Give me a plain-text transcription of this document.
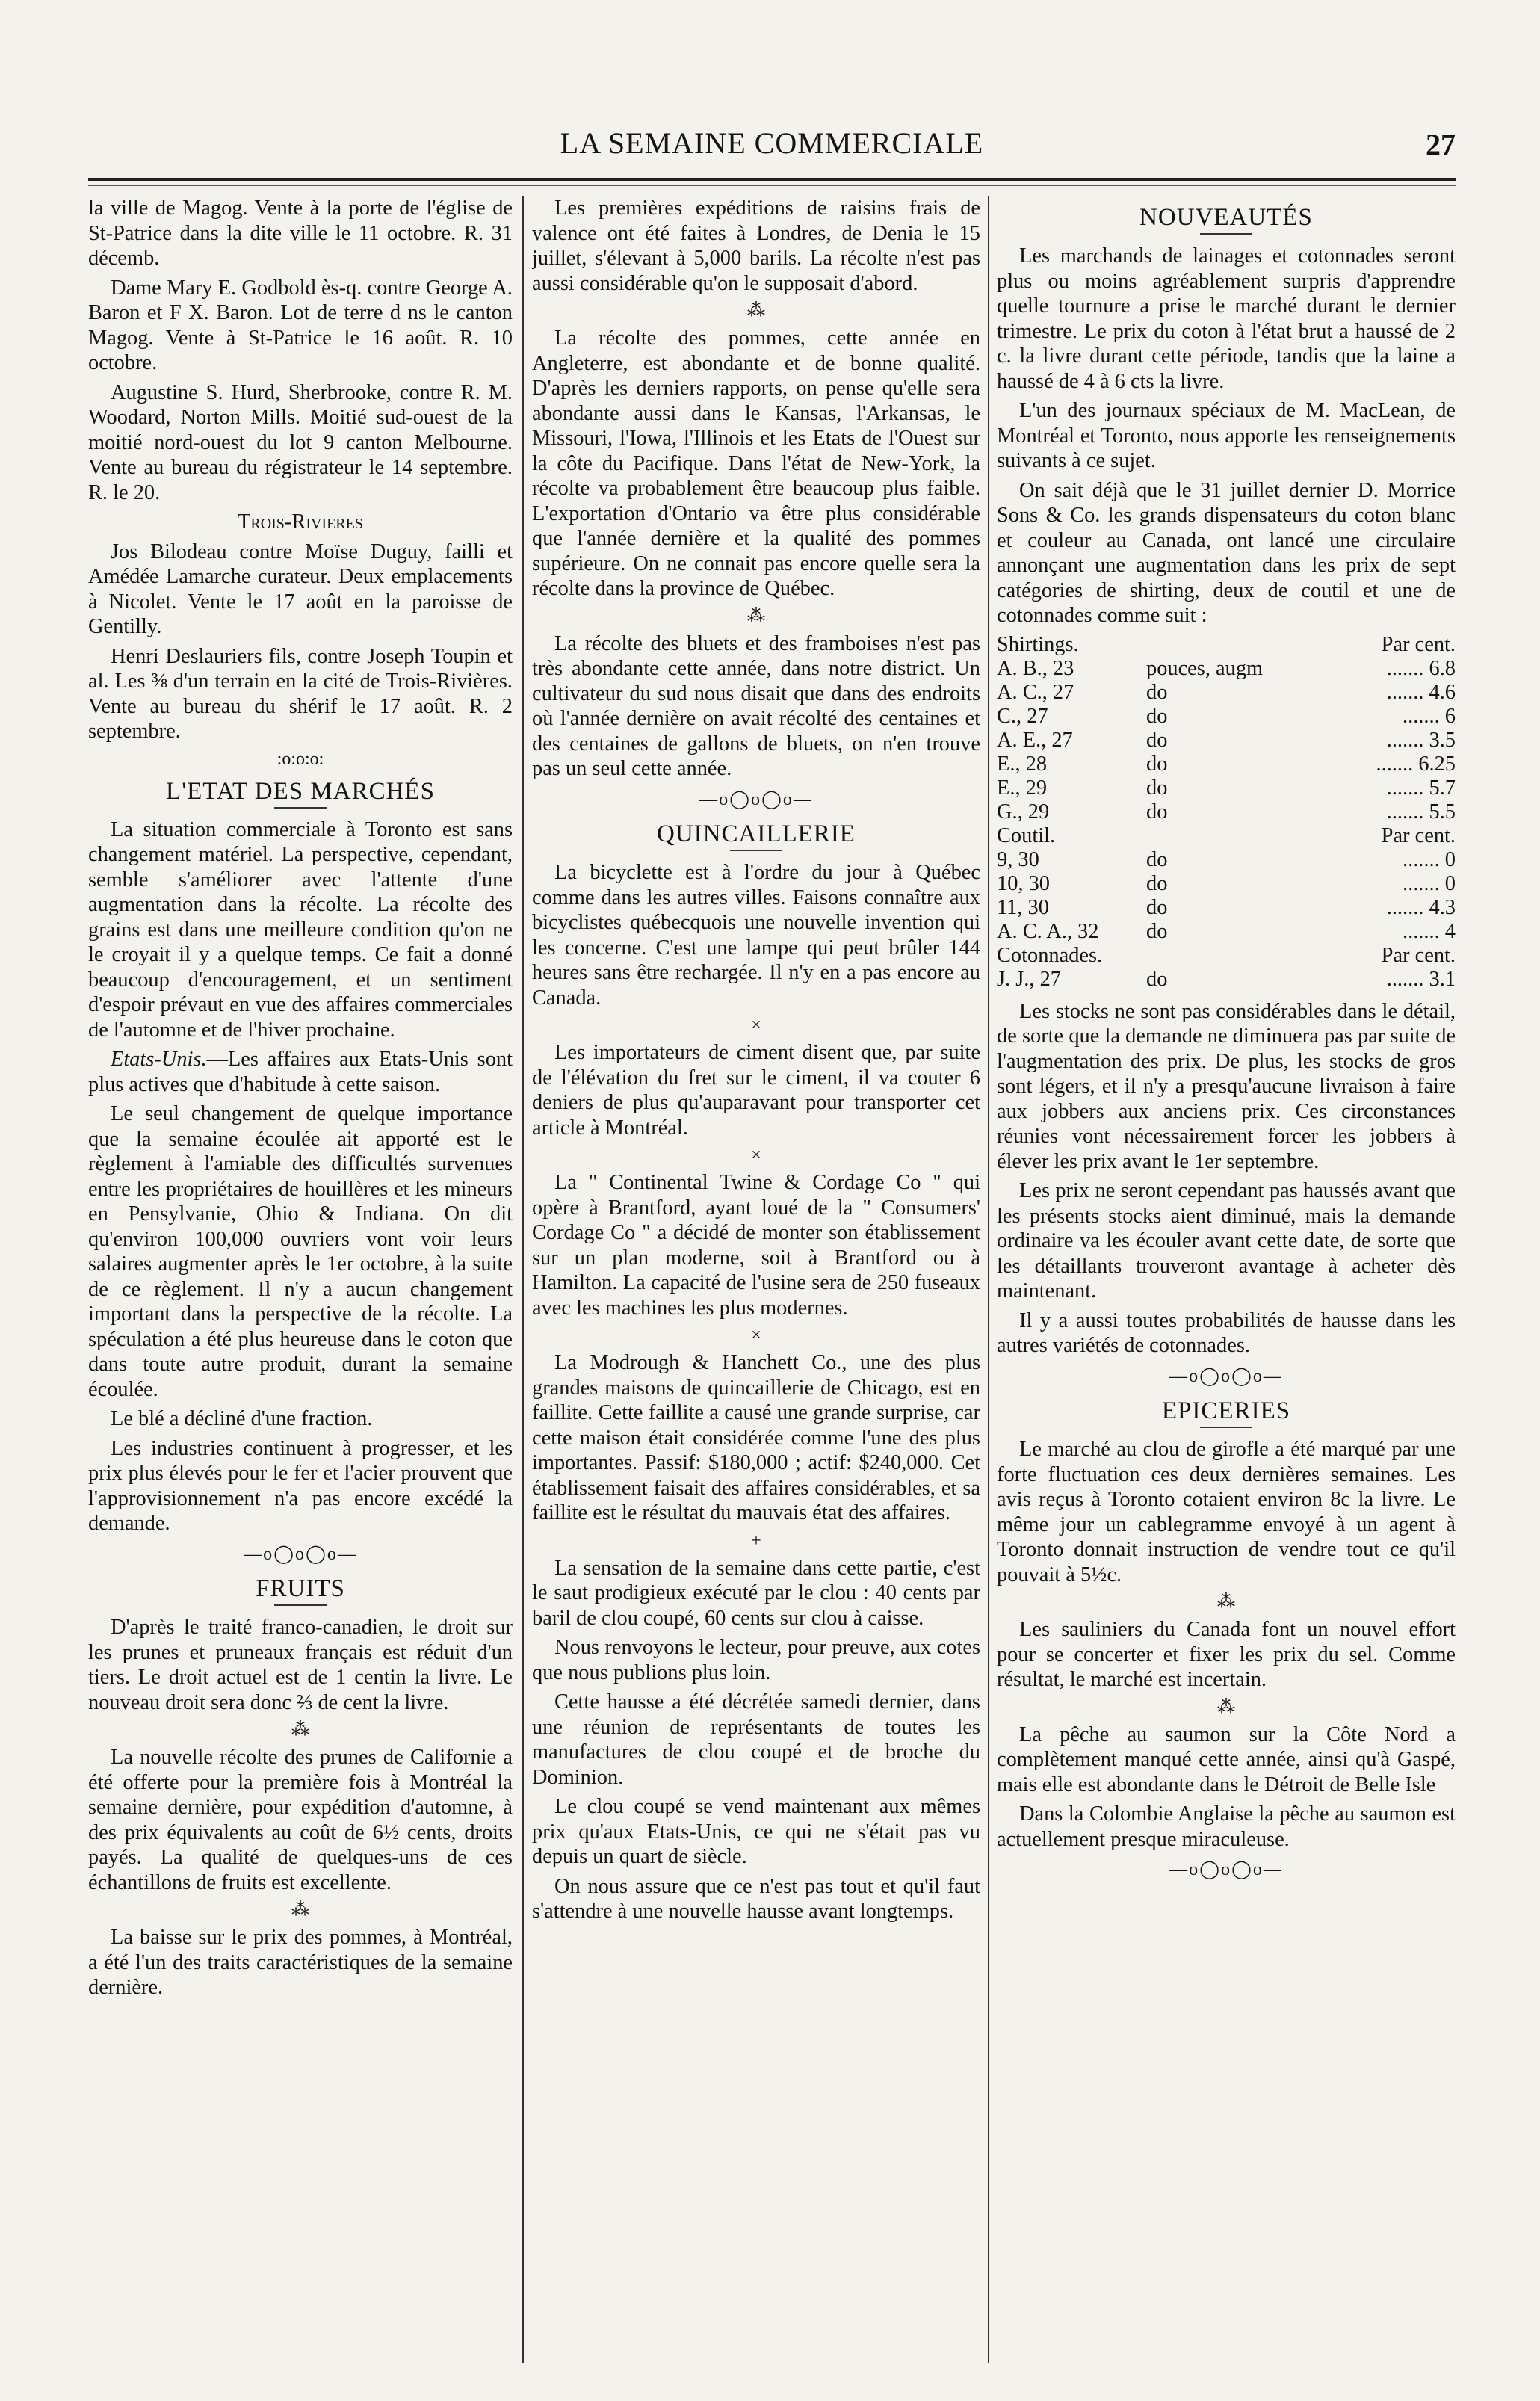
LA SEMAINE COMMERCIALE	27

la ville de Magog. Vente à la porte de l'église de St-Patrice dans la dite ville le 11 octobre. R. 31 décemb.

Dame Mary E. Godbold ès-q. contre George A. Baron et F X. Baron. Lot de terre d ns le canton Magog. Vente à St-Patrice le 16 août. R. 10 octobre.

Augustine S. Hurd, Sherbrooke, contre R. M. Woodard, Norton Mills. Moitié sud-ouest de la moitié nord-ouest du lot 9 canton Melbourne. Vente au bureau du régistrateur le 14 septembre. R. le 20.

Trois-Rivieres

Jos Bilodeau contre Moïse Duguy, failli et Amédée Lamarche curateur. Deux emplacements à Nicolet. Vente le 17 août en la paroisse de Gentilly.

Henri Deslauriers fils, contre Joseph Toupin et al. Les ⅜ d'un terrain en la cité de Trois-Rivières. Vente au bureau du shérif le 17 août. R. 2 septembre.

:o:o:o:
L'ETAT DES MARCHÉS

La situation commerciale à Toronto est sans changement matériel. La perspective, cependant, semble s'améliorer avec l'attente d'une augmentation dans la récolte. La récolte des grains est dans une meilleure condition qu'on ne le croyait il y a quelque temps. Ce fait a donné beaucoup d'encouragement, et un sentiment d'espoir prévaut en vue des affaires commerciales de l'automne et de l'hiver prochaine.

Etats-Unis.—Les affaires aux Etats-Unis sont plus actives que d'habitude à cette saison.

Le seul changement de quelque importance que la semaine écoulée ait apporté est le règlement à l'amiable des difficultés survenues entre les propriétaires de houillères et les mineurs en Pensylvanie, Ohio & Indiana. On dit qu'environ 100,000 ouvriers vont voir leurs salaires augmenter après le 1er octobre, à la suite de ce règlement. Il n'y a aucun changement important dans la perspective de la récolte. La spéculation a été plus heureuse dans le coton que dans toute autre produit, durant la semaine écoulée.

Le blé a décliné d'une fraction.

Les industries continuent à progresser, et les prix plus élevés pour le fer et l'acier prouvent que l'approvisionnement n'a pas encore excédé la demande.

—o◯o◯o—
FRUITS

D'après le traité franco-canadien, le droit sur les prunes et pruneaux français est réduit d'un tiers. Le droit actuel est de 1 centin la livre. Le nouveau droit sera donc ⅔ de cent la livre.

⁂

La nouvelle récolte des prunes de Californie a été offerte pour la première fois à Montréal la semaine dernière, pour expédition d'automne, à des prix équivalents au coût de 6½ cents, droits payés. La qualité de quelques-uns de ces échantillons de fruits est excellente.

⁂

La baisse sur le prix des pommes, à Montréal, a été l'un des traits caractéristiques de la semaine dernière.

Les premières expéditions de raisins frais de valence ont été faites à Londres, de Denia le 15 juillet, s'élevant à 5,000 barils. La récolte n'est pas aussi considérable qu'on le supposait d'abord.

⁂

La récolte des pommes, cette année en Angleterre, est abondante et de bonne qualité. D'après les derniers rapports, on pense qu'elle sera abondante aussi dans le Kansas, l'Arkansas, le Missouri, l'Iowa, l'Illinois et les Etats de l'Ouest sur la côte du Pacifique. Dans l'état de New-York, la récolte va probablement être beaucoup plus faible. L'exportation d'Ontario va être plus considérable que l'année dernière et la qualité des pommes supérieure. On ne connait pas encore quelle sera la récolte dans la province de Québec.

⁂

La récolte des bluets et des framboises n'est pas très abondante cette année, dans notre district. Un cultivateur du sud nous disait que dans des endroits où l'année dernière on avait récolté des centaines et des centaines de gallons de bluets, on n'en trouve pas un seul cette année.

—o◯o◯o—
QUINCAILLERIE

La bicyclette est à l'ordre du jour à Québec comme dans les autres villes. Faisons connaître aux bicyclistes québecquois une nouvelle invention qui les concerne. C'est une lampe qui peut brûler 144 heures sans être rechargée. Il n'y en a pas encore au Canada.

×

Les importateurs de ciment disent que, par suite de l'élévation du fret sur le ciment, il va couter 6 deniers de plus qu'auparavant pour transporter cet article à Montréal.

×

La " Continental Twine & Cordage Co " qui opère à Brantford, ayant loué de la " Consumers' Cordage Co " a décidé de monter son établissement sur un plan moderne, soit à Brantford ou à Hamilton. La capacité de l'usine sera de 250 fuseaux avec les machines les plus modernes.

×

La Modrough & Hanchett Co., une des plus grandes maisons de quincaillerie de Chicago, est en faillite. Cette faillite a causé une grande surprise, car cette maison était considérée comme l'une des plus importantes. Passif: $180,000 ; actif: $240,000. Cet établissement faisait des affaires considérables, et sa faillite est le résultat du mauvais état des affaires.

+

La sensation de la semaine dans cette partie, c'est le saut prodigieux exécuté par le clou : 40 cents par baril de clou coupé, 60 cents sur clou à caisse.

Nous renvoyons le lecteur, pour preuve, aux cotes que nous publions plus loin.

Cette hausse a été décrétée samedi dernier, dans une réunion de représentants de toutes les manufactures de clou coupé et de broche du Dominion.

Le clou coupé se vend maintenant aux mêmes prix qu'aux Etats-Unis, ce qui ne s'était pas vu depuis un quart de siècle.

On nous assure que ce n'est pas tout et qu'il faut s'attendre à une nouvelle hausse avant longtemps.

NOUVEAUTÉS

Les marchands de lainages et cotonnades seront plus ou moins agréablement surpris d'apprendre quelle tournure a prise le marché durant le dernier trimestre. Le prix du coton à l'état brut a haussé de 2 c. la livre durant cette période, tandis que la laine a haussé de 4 à 6 cts la livre.

L'un des journaux spéciaux de M. MacLean, de Montréal et Toronto, nous apporte les renseignements suivants à ce sujet.

On sait déjà que le 31 juillet dernier D. Morrice Sons & Co. les grands dispensateurs du coton blanc et couleur au Canada, ont lancé une circulaire annonçant une augmentation dans les prix de sept catégories de shirting, deux de coutil et une de cotonnades comme suit :

Shirtings.	Par cent.
A. B., 23	pouces, augm	....... 6.8
A. C., 27	do	....... 4.6
C., 27	do	....... 6
A. E., 27	do	....... 3.5
E., 28	do	....... 6.25
E., 29	do	....... 5.7
G., 29	do	....... 5.5
Coutil.	Par cent.
9, 30	do	....... 0
10, 30	do	....... 0
11, 30	do	....... 4.3
A. C. A., 32	do	....... 4
Cotonnades.	Par cent.
J. J., 27	do	....... 3.1

Les stocks ne sont pas considérables dans le détail, de sorte que la demande ne diminuera pas par suite de l'augmentation des prix. De plus, les stocks de gros sont légers, et il n'y a presqu'aucune livraison à faire aux jobbers aux anciens prix. Ces circonstances réunies vont nécessairement forcer les jobbers à élever les prix avant le 1er septembre.

Les prix ne seront cependant pas haussés avant que les présents stocks aient diminué, mais la demande ordinaire va les écouler avant cette date, de sorte que les détaillants trouveront avantage à acheter dès maintenant.

Il y a aussi toutes probabilités de hausse dans les autres variétés de cotonnades.

—o◯o◯o—
EPICERIES

Le marché au clou de girofle a été marqué par une forte fluctuation ces deux dernières semaines. Les avis reçus à Toronto cotaient environ 8c la livre. Le même jour un cablegramme envoyé à un agent à Toronto donnait instruction de vendre tout ce qu'il pouvait à 5½c.

⁂

Les sauliniers du Canada font un nouvel effort pour se concerter et fixer les prix du sel. Comme résultat, le marché est incertain.

⁂

La pêche au saumon sur la Côte Nord a complètement manqué cette année, ainsi qu'à Gaspé, mais elle est abondante dans le Détroit de Belle Isle

Dans la Colombie Anglaise la pêche au saumon est actuellement presque miraculeuse.

—o◯o◯o—
